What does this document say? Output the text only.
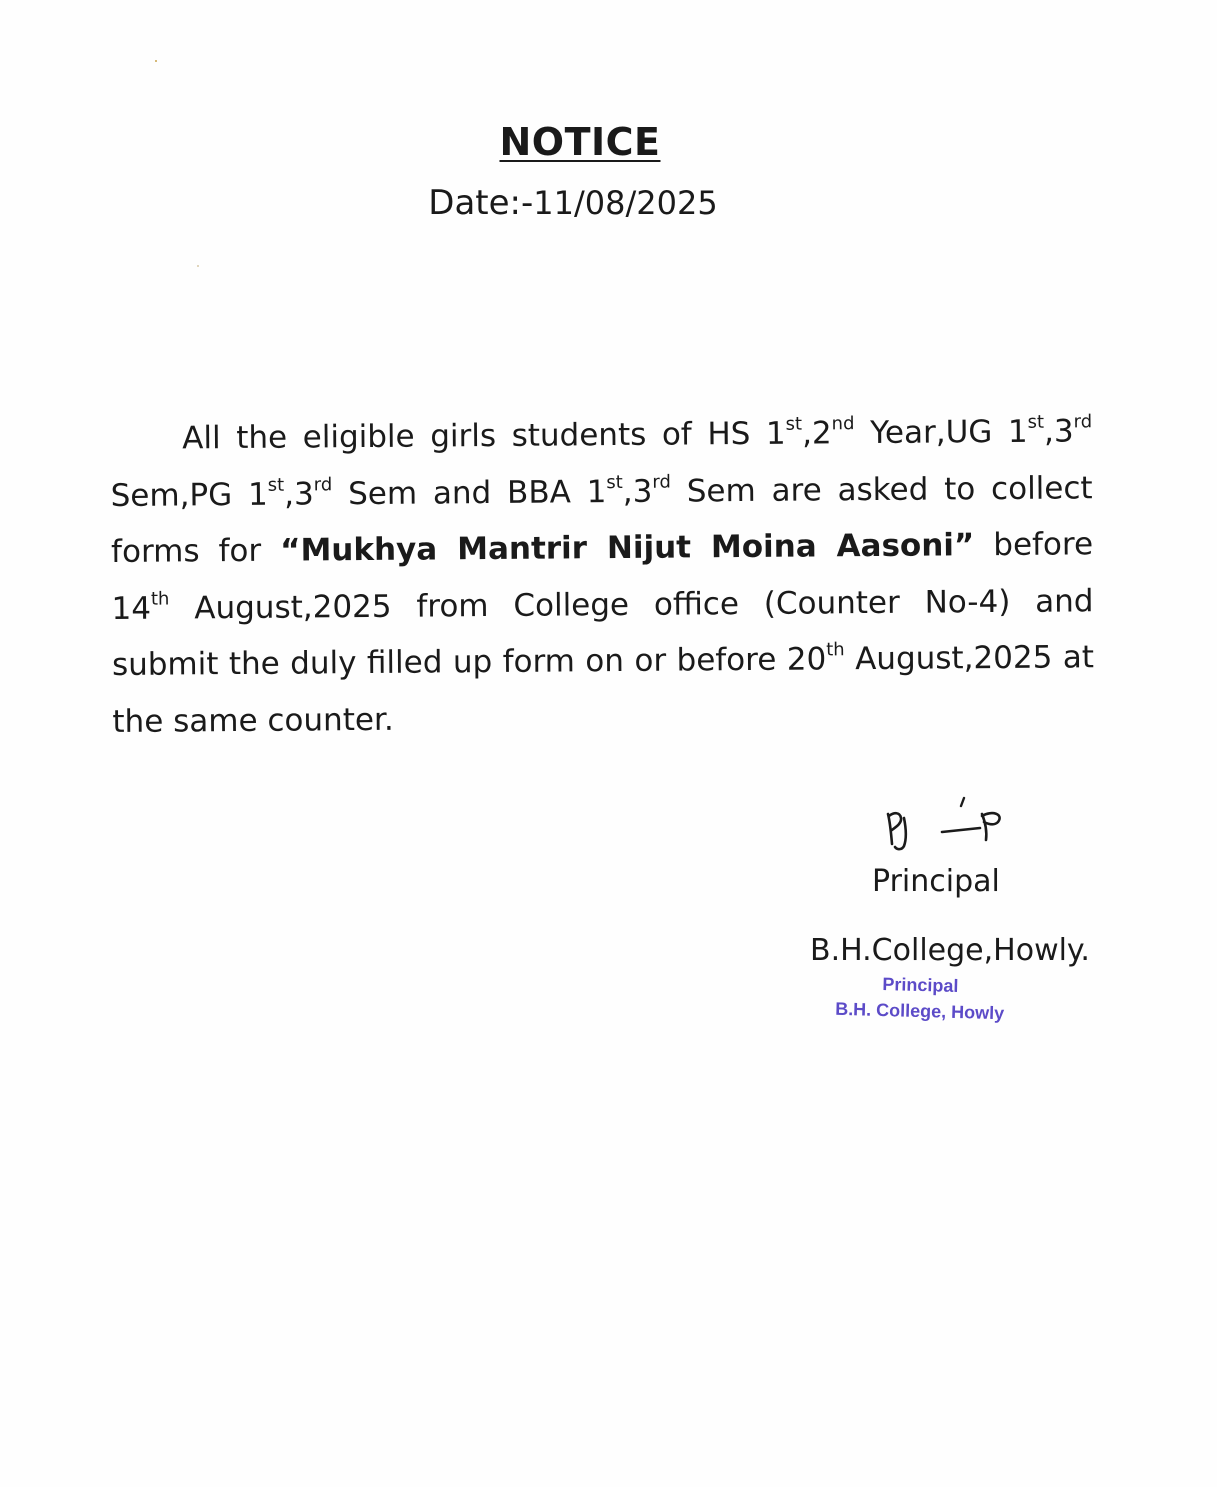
NOTICE
Date:-11/08/2025

All the eligible girls students of HS 1st,2nd Year,UG 1st,3rd Sem,PG 1st,3rd Sem and BBA 1st,3rd Sem are asked to collect forms for “Mukhya Mantrir Nijut Moina Aasoni” before 14th August,2025 from College office (Counter No-4) and submit the duly filled up form on or before 20th August,2025 at the same counter.

Principal
B.H.College,Howly.
Principal
B.H. College, Howly
